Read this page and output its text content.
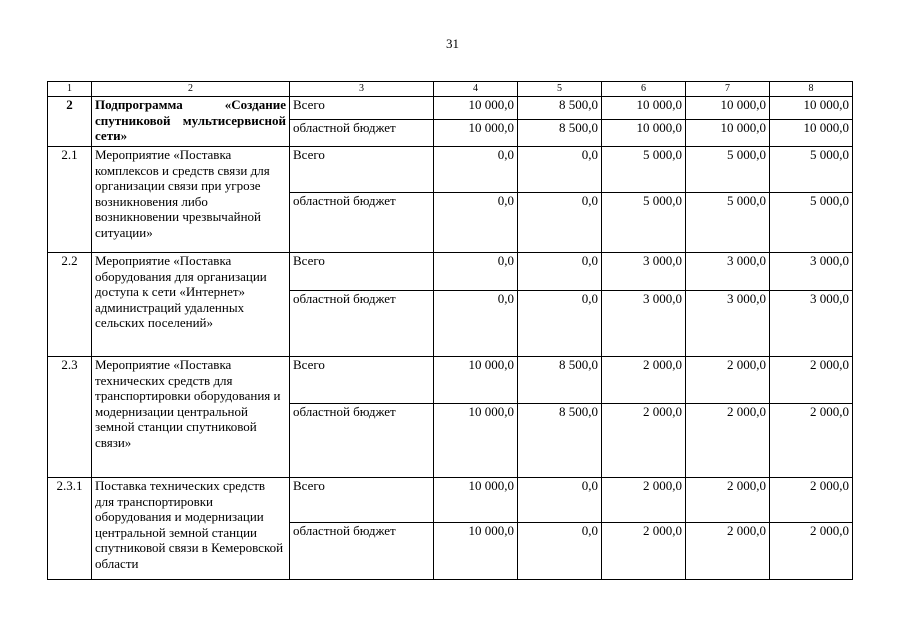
31
1	2	3	4	5	6	7	8
2	Подпрограмма «Создание спутниковой мультисервисной сети»	Всего	10 000,0	8 500,0	10 000,0	10 000,0	10 000,0
		областной бюджет	10 000,0	8 500,0	10 000,0	10 000,0	10 000,0
2.1	Мероприятие «Поставка комплексов и средств связи для организации связи при угрозе возникновения либо возникновении чрезвычайной ситуации»	Всего	0,0	0,0	5 000,0	5 000,0	5 000,0
		областной бюджет	0,0	0,0	5 000,0	5 000,0	5 000,0
2.2	Мероприятие «Поставка оборудования для организации доступа к сети «Интернет» администраций удаленных сельских поселений»	Всего	0,0	0,0	3 000,0	3 000,0	3 000,0
		областной бюджет	0,0	0,0	3 000,0	3 000,0	3 000,0
2.3	Мероприятие «Поставка технических средств для транспортировки оборудования и модернизации центральной земной станции спутниковой связи»	Всего	10 000,0	8 500,0	2 000,0	2 000,0	2 000,0
		областной бюджет	10 000,0	8 500,0	2 000,0	2 000,0	2 000,0
2.3.1	Поставка технических средств для транспортировки оборудования и модернизации центральной земной станции спутниковой связи в Кемеровской области	Всего	10 000,0	0,0	2 000,0	2 000,0	2 000,0
		областной бюджет	10 000,0	0,0	2 000,0	2 000,0	2 000,0
